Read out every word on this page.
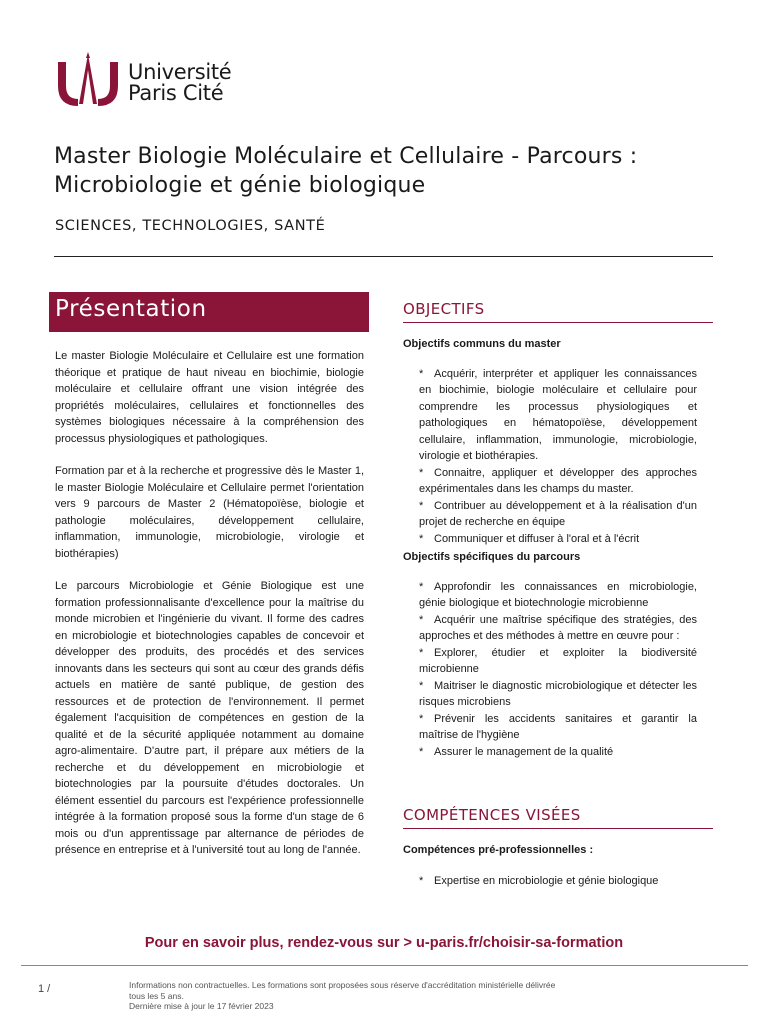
Université
Paris Cité
Master Biologie Moléculaire et Cellulaire - Parcours :
Microbiologie et génie biologique
SCIENCES, TECHNOLOGIES, SANTÉ
Présentation

Le master Biologie Moléculaire et Cellulaire est une formation théorique et pratique de haut niveau en biochimie, biologie moléculaire et cellulaire offrant une vision intégrée des propriétés moléculaires, cellulaires et fonctionnelles des systèmes biologiques nécessaire à la compréhension des processus physiologiques et pathologiques.

Formation par et à la recherche et progressive dès le Master 1, le master Biologie Moléculaire et Cellulaire permet l'orientation vers 9 parcours de Master 2 (Hématopoïèse, biologie et pathologie moléculaires, développement cellulaire, inflammation, immunologie, microbiologie, virologie et biothérapies)

Le parcours Microbiologie et Génie Biologique est une formation professionnalisante d'excellence pour la maîtrise du monde microbien et l'ingénierie du vivant. Il forme des cadres en microbiologie et biotechnologies capables de concevoir et développer des produits, des procédés et des services innovants dans les secteurs qui sont au cœur des grands défis actuels en matière de santé publique, de gestion des ressources et de protection de l'environnement. Il permet également l'acquisition de compétences en gestion de la qualité et de la sécurité appliquée notamment au domaine agro-alimentaire. D'autre part, il prépare aux métiers de la recherche et du développement en microbiologie et biotechnologies par la poursuite d'études doctorales. Un élément essentiel du parcours est l'expérience professionnelle intégrée à la formation proposé sous la forme d'un stage de 6 mois ou d'un apprentissage par alternance de périodes de présence en entreprise et à l'université tout au long de l'année.

OBJECTIFS
Objectifs communs du master
* Acquérir, interpréter et appliquer les connaissances en biochimie, biologie moléculaire et cellulaire pour comprendre les processus physiologiques et pathologiques en hématopoïèse, développement cellulaire, inflammation, immunologie, microbiologie, virologie et biothérapies.
* Connaitre, appliquer et développer des approches expérimentales dans les champs du master.
* Contribuer au développement et à la réalisation d'un projet de recherche en équipe
* Communiquer et diffuser à l'oral et à l'écrit
Objectifs spécifiques du parcours
* Approfondir les connaissances en microbiologie, génie biologique et biotechnologie microbienne
* Acquérir une maîtrise spécifique des stratégies, des approches et des méthodes à mettre en œuvre pour :
* Explorer, étudier et exploiter la biodiversité microbienne
* Maitriser le diagnostic microbiologique et détecter les risques microbiens
* Prévenir les accidents sanitaires et garantir la maîtrise de l'hygiène
* Assurer le management de la qualité
COMPÉTENCES VISÉES
Compétences pré-professionnelles :
* Expertise en microbiologie et génie biologique
Pour en savoir plus, rendez-vous sur > u-paris.fr/choisir-sa-formation
1 /	Informations non contractuelles. Les formations sont proposées sous réserve d'accréditation ministérielle délivrée
tous les 5 ans.
Dernière mise à jour le 17 février 2023
